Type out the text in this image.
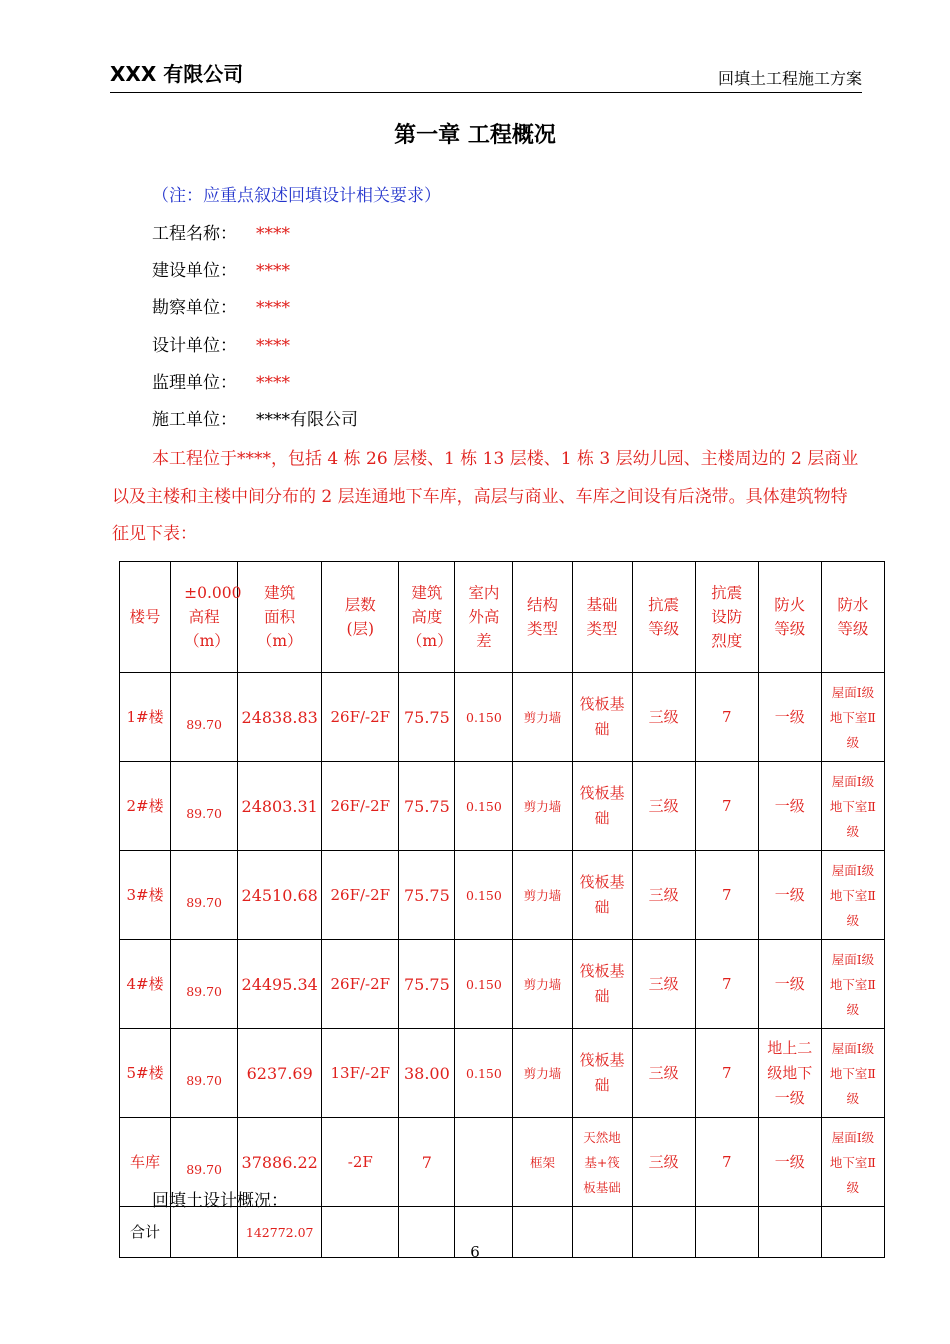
XXX 有限公司	回填土工程施工方案
第一章 工程概况
（注：应重点叙述回填设计相关要求）
工程名称： ****
建设单位： ****
勘察单位： ****
设计单位： ****
监理单位： ****
施工单位： ****有限公司
本工程位于****，包括 4 栋 26 层楼、1 栋 13 层楼、1 栋 3 层幼儿园、主楼周边的 2 层商业以及主楼和主楼中间分布的 2 层连通地下车库，高层与商业、车库之间设有后浇带。具体建筑物特征见下表：
楼号	±0.000高程（m）	建筑面积（m）	层数(层)	建筑高度（m）	室内外高差	结构类型	基础类型	抗震等级	抗震设防烈度	防火等级	防水等级
1#楼	89.70	24838.83	26F/-2F	75.75	0.150	剪力墙	筏板基础	三级	7	一级	屋面Ⅰ级地下室Ⅱ级
2#楼	89.70	24803.31	26F/-2F	75.75	0.150	剪力墙	筏板基础	三级	7	一级	屋面Ⅰ级地下室Ⅱ级
3#楼	89.70	24510.68	26F/-2F	75.75	0.150	剪力墙	筏板基础	三级	7	一级	屋面Ⅰ级地下室Ⅱ级
4#楼	89.70	24495.34	26F/-2F	75.75	0.150	剪力墙	筏板基础	三级	7	一级	屋面Ⅰ级地下室Ⅱ级
5#楼	89.70	6237.69	13F/-2F	38.00	0.150	剪力墙	筏板基础	三级	7	地上二级地下一级	屋面Ⅰ级地下室Ⅱ级
车库	89.70	37886.22	-2F	7		框架	天然地基+筏板基础	三级	7	一级	屋面Ⅰ级地下室Ⅱ级
合计		142772.07									
回填土设计概况：
6
